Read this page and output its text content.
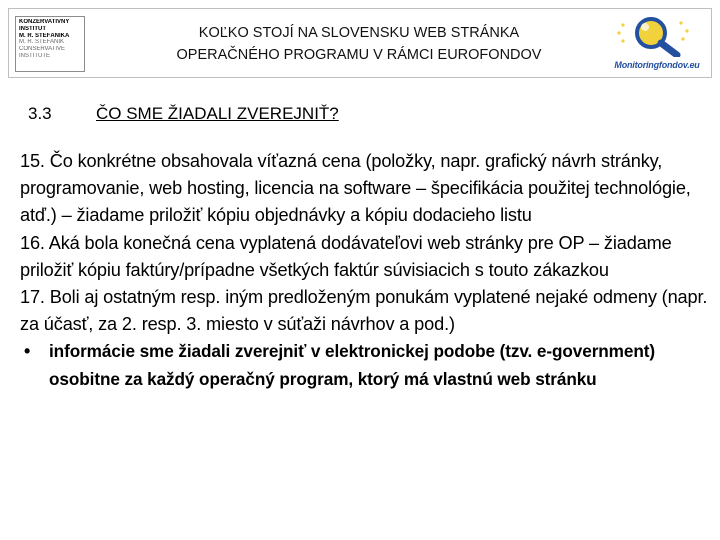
KONZERVATÍVNY
INŠTITÚT
M. R. ŠTEFÁNIKA
M. R. STEFANIK
CONSERVATIVE
INSTITUTE
KOĽKO STOJÍ NA SLOVENSKU WEB STRÁNKA
OPERAČNÉHO PROGRAMU V RÁMCI EUROFONDOV
Monitoringfondov.eu
3.3	ČO SME ŽIADALI ZVEREJNIŤ?

15. Čo konkrétne obsahovala víťazná cena (položky, napr. grafický návrh stránky, programovanie, web hosting, licencia na software – špecifikácia použitej technológie, atď.) – žiadame priložiť kópiu objednávky a kópiu dodacieho listu

16. Aká bola konečná cena vyplatená dodávateľovi web stránky pre OP – žiadame priložiť kópiu faktúry/prípadne všetkých faktúr súvisiacich s touto zákazkou

17. Boli aj ostatným resp. iným predloženým ponukám vyplatené nejaké odmeny (napr. za účasť, za 2. resp. 3. miesto v súťaži návrhov a pod.)

• informácie sme žiadali zverejniť v elektronickej podobe (tzv. e-government) osobitne za každý operačný program, ktorý má vlastnú web stránku
